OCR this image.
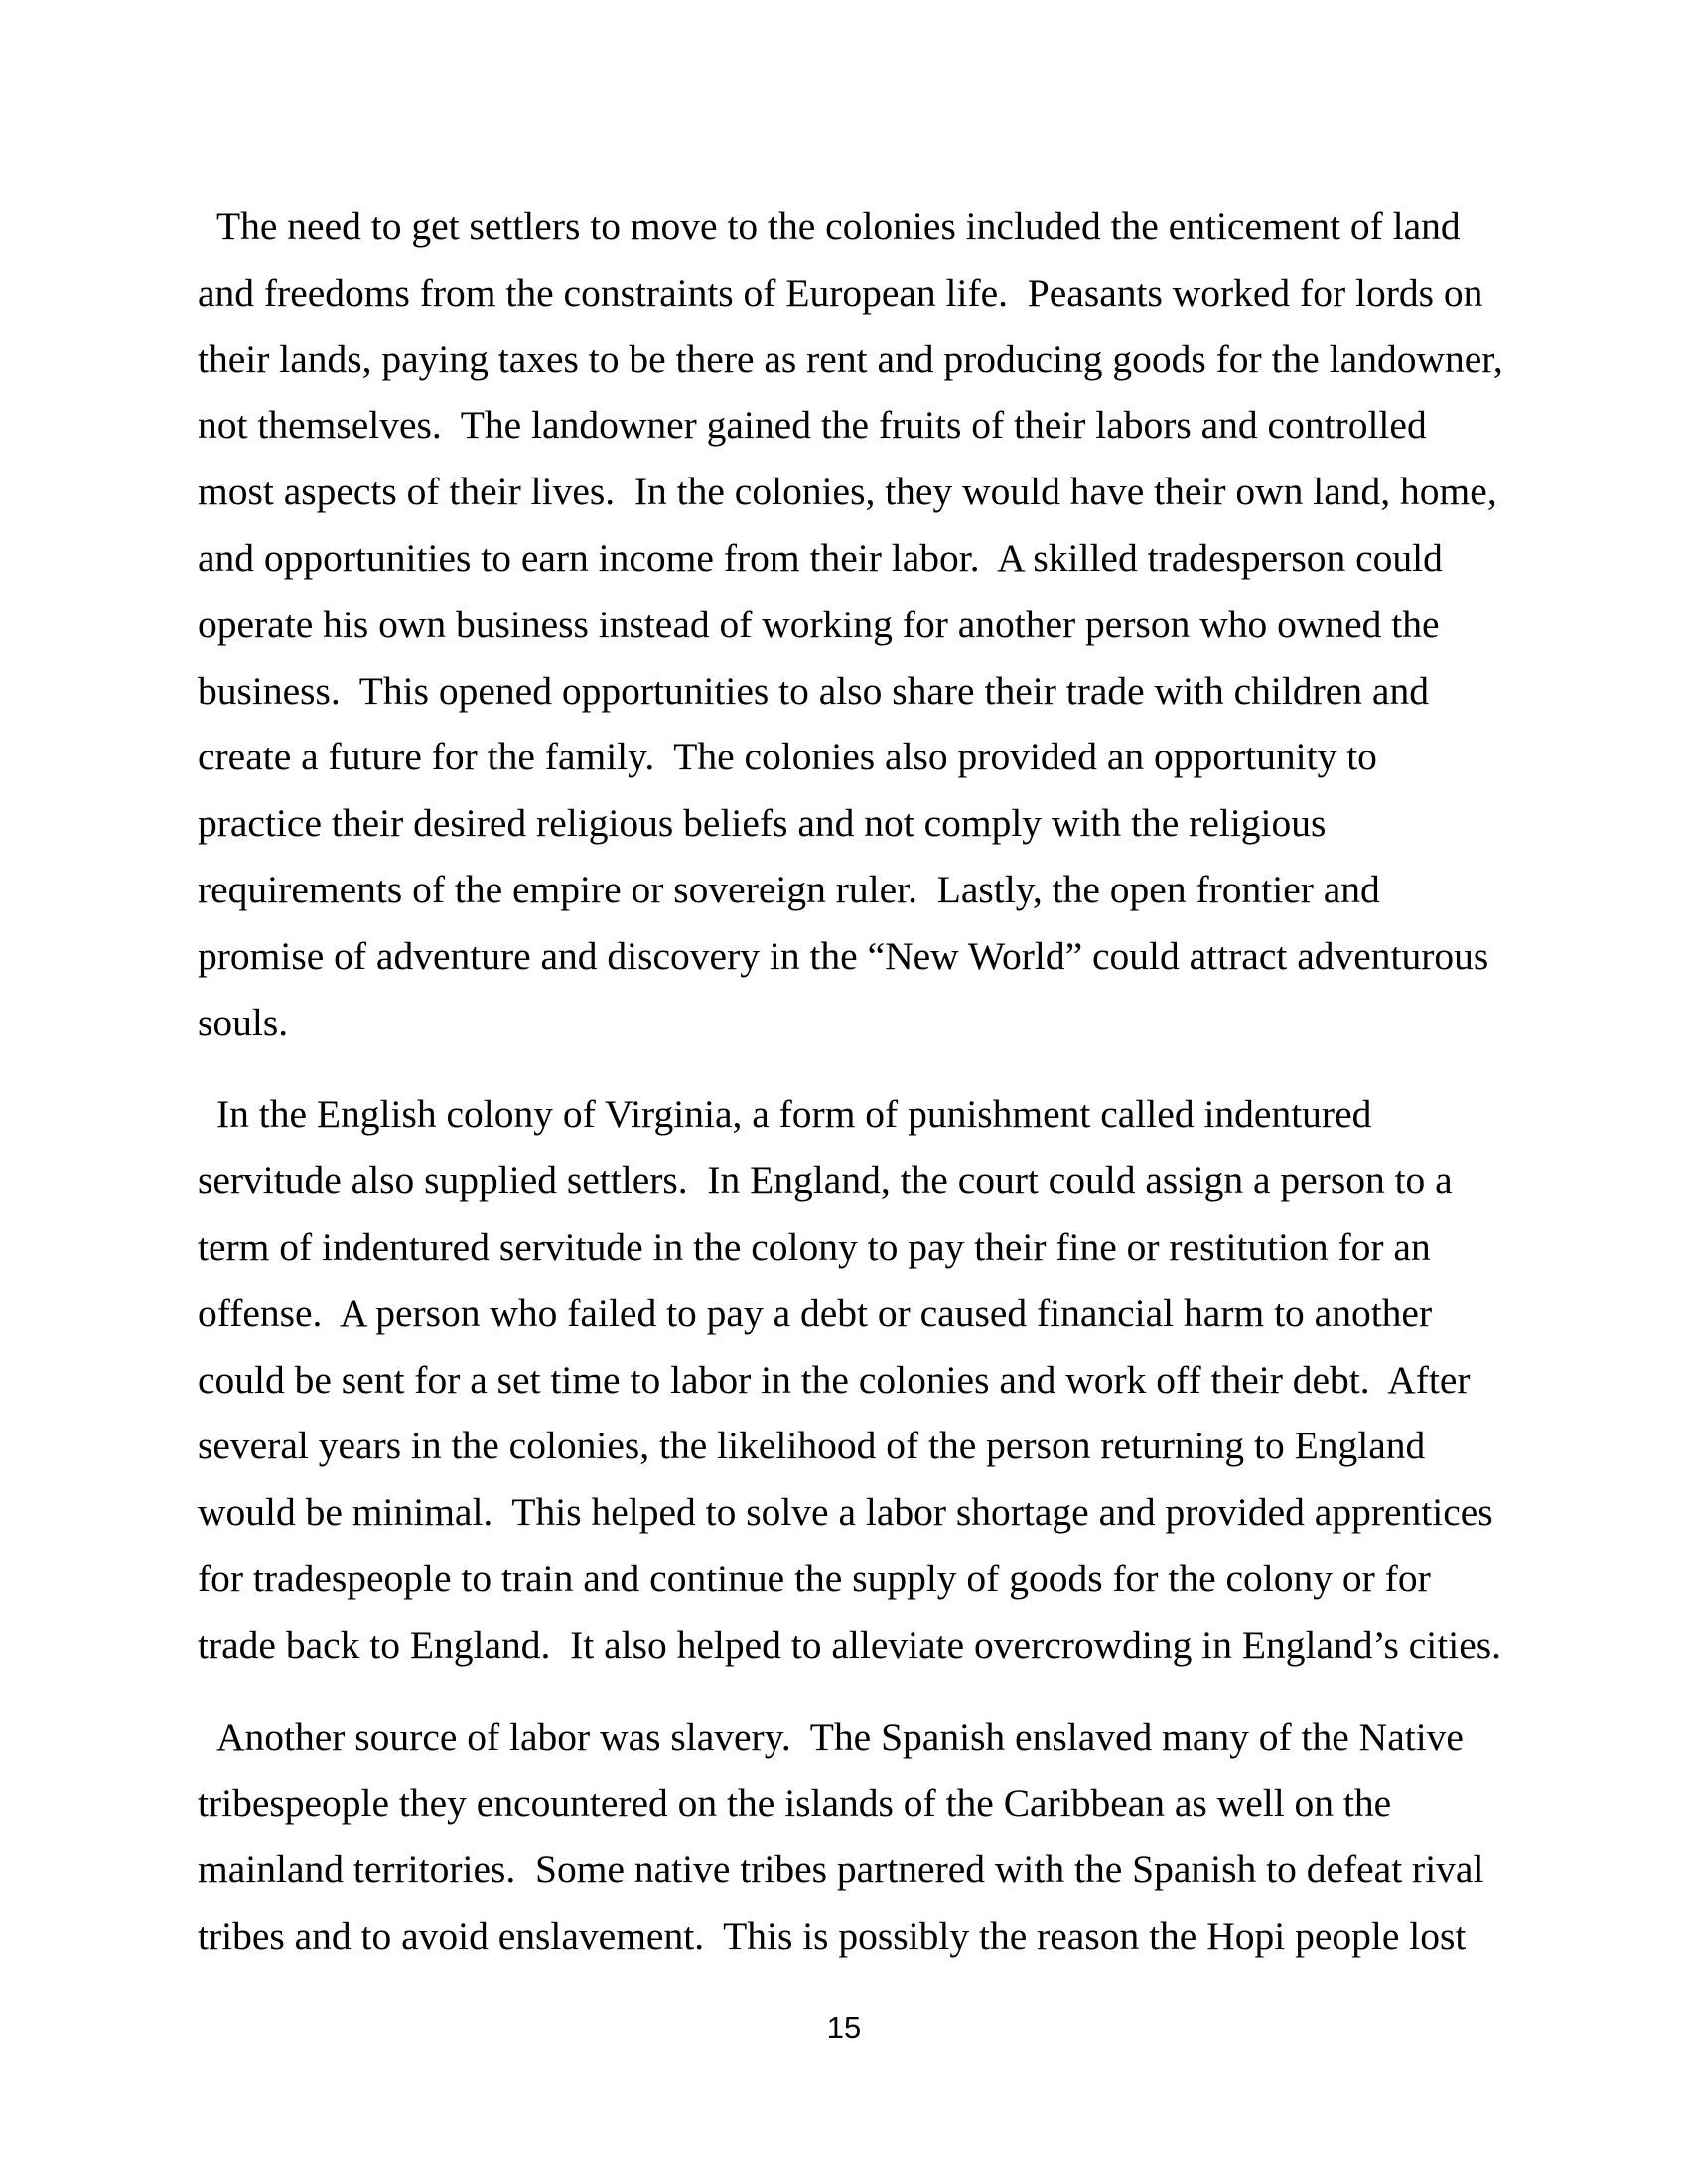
The need to get settlers to move to the colonies included the enticement of land
and freedoms from the constraints of European life.  Peasants worked for lords on
their lands, paying taxes to be there as rent and producing goods for the landowner,
not themselves.  The landowner gained the fruits of their labors and controlled
most aspects of their lives.  In the colonies, they would have their own land, home,
and opportunities to earn income from their labor.  A skilled tradesperson could
operate his own business instead of working for another person who owned the
business.  This opened opportunities to also share their trade with children and
create a future for the family.  The colonies also provided an opportunity to
practice their desired religious beliefs and not comply with the religious
requirements of the empire or sovereign ruler.  Lastly, the open frontier and
promise of adventure and discovery in the “New World” could attract adventurous
souls.
In the English colony of Virginia, a form of punishment called indentured
servitude also supplied settlers.  In England, the court could assign a person to a
term of indentured servitude in the colony to pay their fine or restitution for an
offense.  A person who failed to pay a debt or caused financial harm to another
could be sent for a set time to labor in the colonies and work off their debt.  After
several years in the colonies, the likelihood of the person returning to England
would be minimal.  This helped to solve a labor shortage and provided apprentices
for tradespeople to train and continue the supply of goods for the colony or for
trade back to England.  It also helped to alleviate overcrowding in England’s cities.
Another source of labor was slavery.  The Spanish enslaved many of the Native
tribespeople they encountered on the islands of the Caribbean as well on the
mainland territories.  Some native tribes partnered with the Spanish to defeat rival
tribes and to avoid enslavement.  This is possibly the reason the Hopi people lost
15
